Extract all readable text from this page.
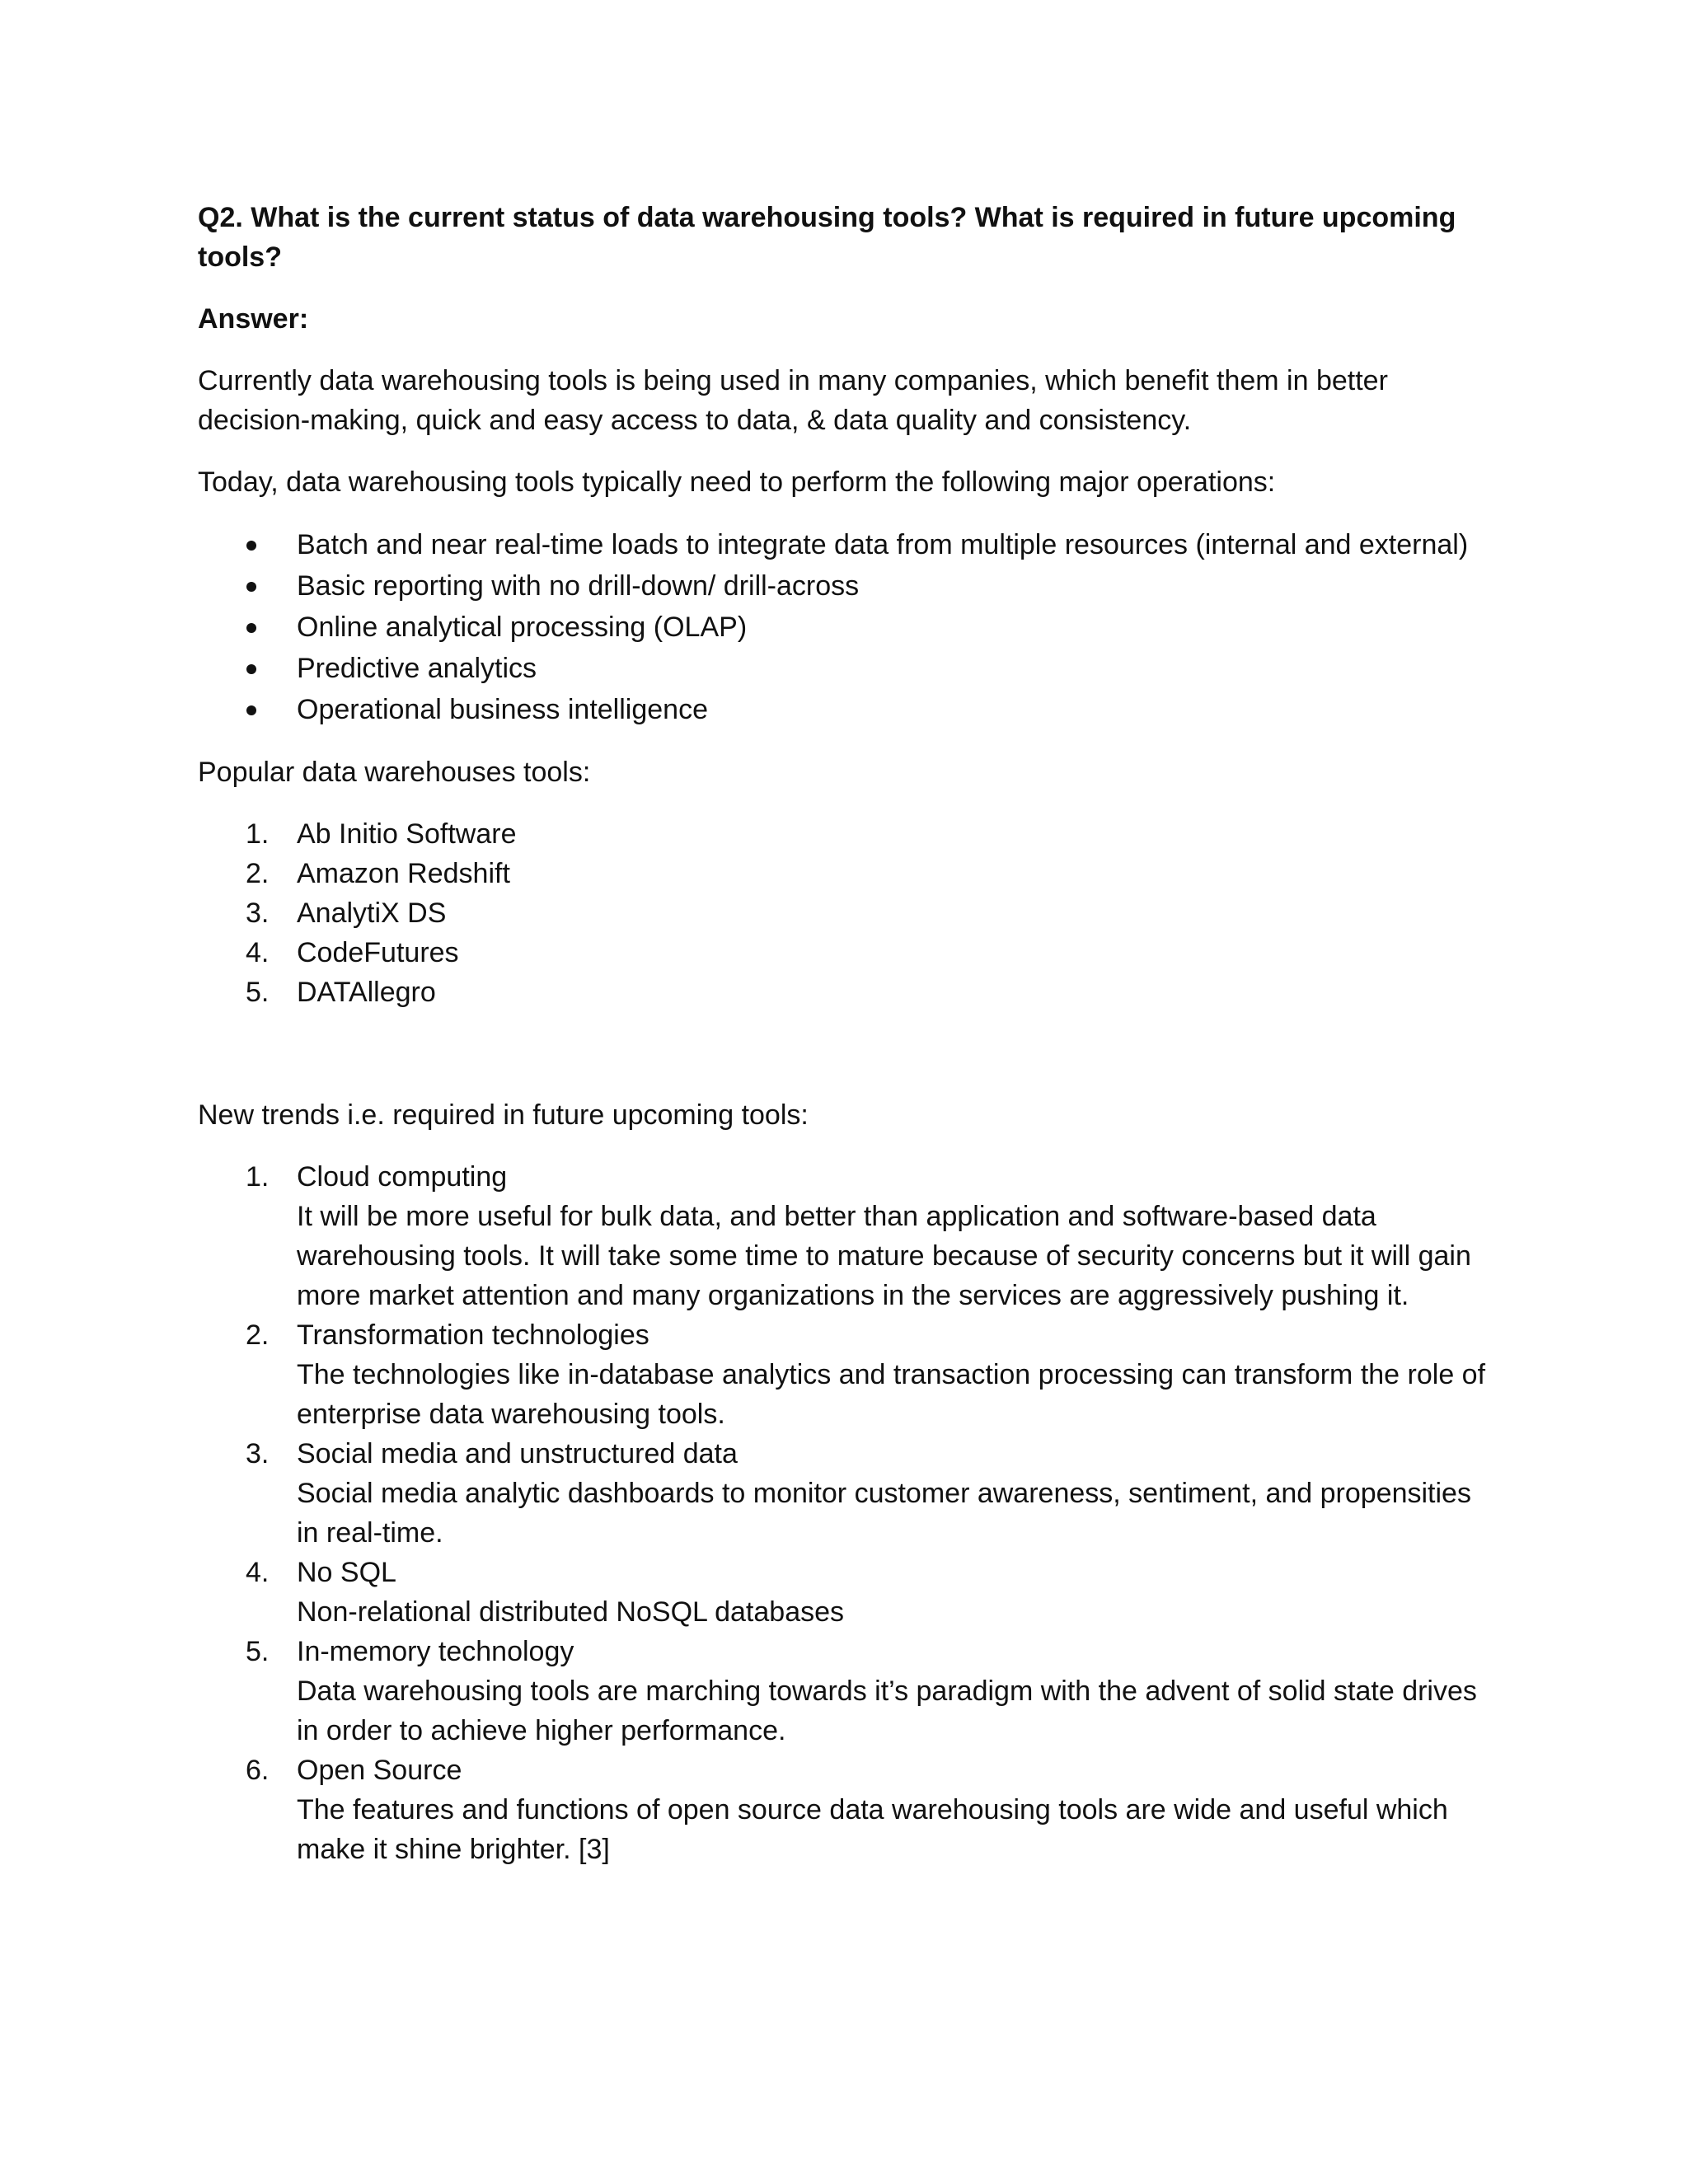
Q2. What is the current status of data warehousing tools? What is required in future upcoming tools?

Answer:

Currently data warehousing tools is being used in many companies, which benefit them in better decision-making, quick and easy access to data, & data quality and consistency.

Today, data warehousing tools typically need to perform the following major operations:

Batch and near real-time loads to integrate data from multiple resources (internal and external)
Basic reporting with no drill-down/ drill-across
Online analytical processing (OLAP)
Predictive analytics
Operational business intelligence

Popular data warehouses tools:

1. Ab Initio Software
2. Amazon Redshift
3. AnalytiX DS
4. CodeFutures
5. DATAllegro

New trends i.e. required in future upcoming tools:

1. Cloud computing
It will be more useful for bulk data, and better than application and software-based data warehousing tools. It will take some time to mature because of security concerns but it will gain more market attention and many organizations in the services are aggressively pushing it.
2. Transformation technologies
The technologies like in-database analytics and transaction processing can transform the role of enterprise data warehousing tools.
3. Social media and unstructured data
Social media analytic dashboards to monitor customer awareness, sentiment, and propensities in real-time.
4. No SQL
Non-relational distributed NoSQL databases
5. In-memory technology
Data warehousing tools are marching towards it’s paradigm with the advent of solid state drives in order to achieve higher performance.
6. Open Source
The features and functions of open source data warehousing tools are wide and useful which make it shine brighter. [3]
